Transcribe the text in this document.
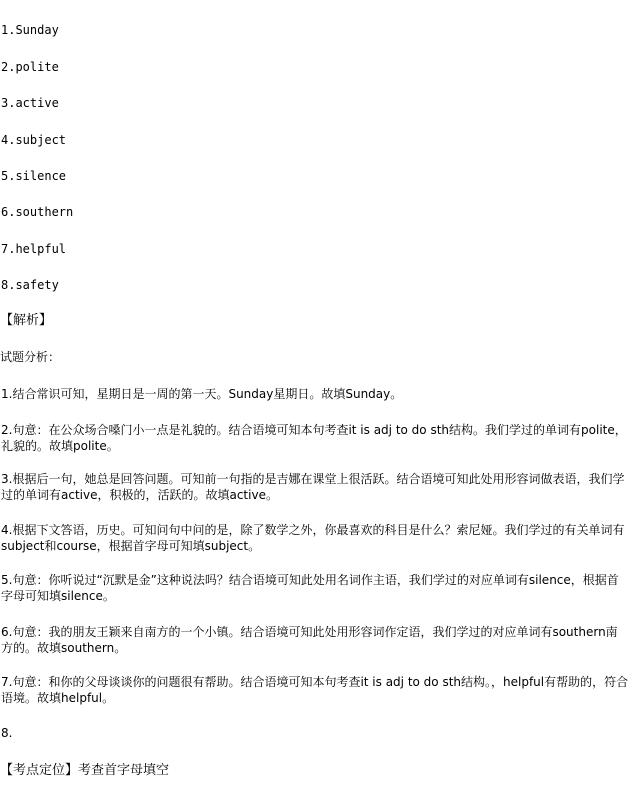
1.Sunday

2.polite

3.active

4.subject

5.silence

6.southern

7.helpful

8.safety

【解析】

试题分析：

1.结合常识可知，星期日是一周的第一天。Sunday星期日。故填Sunday。

2.句意：在公众场合嗓门小一点是礼貌的。结合语境可知本句考查it is adj to do sth结构。我们学过的单词有polite，礼貌的。故填polite。

3.根据后一句，她总是回答问题。可知前一句指的是吉娜在课堂上很活跃。结合语境可知此处用形容词做表语，我们学过的单词有active，积极的，活跃的。故填active。

4.根据下文答语，历史。可知问句中问的是，除了数学之外，你最喜欢的科目是什么？索尼娅。我们学过的有关单词有subject和course，根据首字母可知填subject。

5.句意：你听说过“沉默是金”这种说法吗？结合语境可知此处用名词作主语，我们学过的对应单词有silence，根据首字母可知填silence。

6.句意：我的朋友王颖来自南方的一个小镇。结合语境可知此处用形容词作定语，我们学过的对应单词有southern南方的。故填southern。

7.句意：和你的父母谈谈你的问题很有帮助。结合语境可知本句考查it is adj to do sth结构。，helpful有帮助的，符合语境。故填helpful。

8.

【考点定位】考查首字母填空
